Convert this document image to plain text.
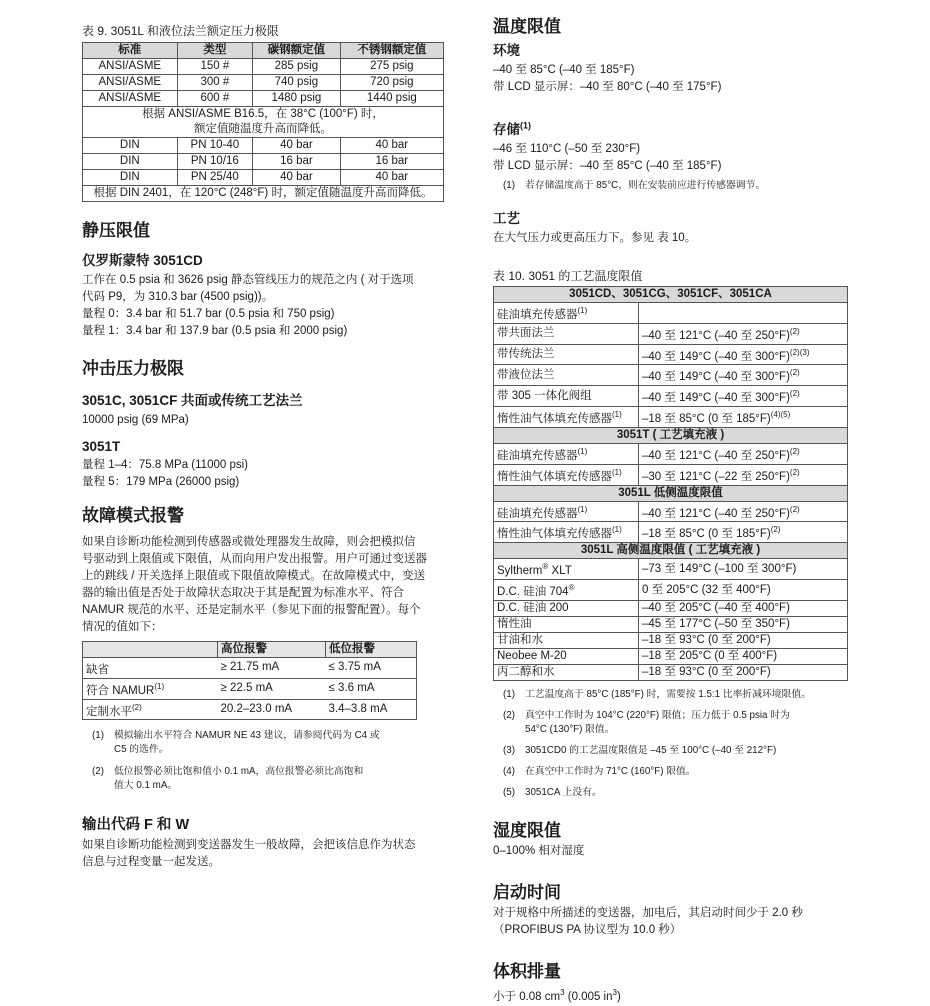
表 9. 3051L 和液位法兰额定压力极限
标准	类型	碳钢额定值	不锈钢额定值
ANSI/ASME	150 #	285 psig	275 psig
ANSI/ASME	300 #	740 psig	720 psig
ANSI/ASME	600 #	1480 psig	1440 psig

根据 ANSI/ASME B16.5，在 38°C (100°F) 时，
额定值随温度升高而降低。			

DIN	PN 10-40	40 bar	40 bar
DIN	PN 10/16	16 bar	16 bar
DIN	PN 25/40	40 bar	40 bar
根据 DIN 2401，在 120°C (248°F) 时，额定值随温度升高而降低。			
静压限值
仅罗斯蒙特 3051CD
工作在 0.5 psia 和 3626 psig 静态管线压力的规范之内 ( 对于选项
代码 P9，为 310.3 bar (4500 psig))。
量程 0：3.4 bar 和 51.7 bar (0.5 psia 和 750 psig)
量程 1：3.4 bar 和 137.9 bar (0.5 psia 和 2000 psig)
冲击压力极限
3051C, 3051CF 共面或传统工艺法兰
10000 psig (69 MPa)
3051T
量程 1–4：75.8 MPa (11000 psi)
量程 5：179 MPa (26000 psig)
故障模式报警
如果自诊断功能检测到传感器或微处理器发生故障，则会把模拟信
号驱动到上限值或下限值，从而向用户发出报警。用户可通过变送器
上的跳线 / 开关选择上限值或下限值故障模式。在故障模式中，变送
器的输出值是否处于故障状态取决于其是配置为标准水平、符合
NAMUR 规范的水平、还是定制水平（参见下面的报警配置）。每个
情况的值如下：
	高位报警	低位报警
缺省	≥ 21.75 mA	≤ 3.75 mA
符合 $NAMUR^{(1)}$	≥ 22.5 mA	≤ 3.6 mA
定制水平$^{(2)}$	20.2–23.0 mA	3.4–3.8 mA
(1)	模拟输出水平符合 NAMUR NE 43 建议，请参阅代码为 C4 或
C5 的选件。
(2)	低位报警必须比饱和值小 0.1 mA，高位报警必须比高饱和
值大 0.1 mA。
输出代码 F 和 W
如果自诊断功能检测到变送器发生一般故障，会把该信息作为状态
信息与过程变量一起发送。
温度限值
环境
–40 至 85°C (–40 至 185°F)
带 LCD 显示屏：–40 至 80°C (–40 至 175°F)
存储$^{(1)}$
–46 至 110°C (–50 至 230°F)
带 LCD 显示屏：–40 至 85°C (–40 至 185°F)
(1)	若存储温度高于 85°C，则在安装前应进行传感器调节。
工艺
在大气压力或更高压力下。参见 表 10。
表 10. 3051 的工艺温度限值
3051CD、3051CG、3051CF、3051CA	
硅油填充传感器$^{(1)}$	
带共面法兰	–40 至 121°C (–40 至 250°F)$^{(2)}$
带传统法兰	–40 至 149°C (–40 至 300°F)$^{(2)(3)}$
带液位法兰	–40 至 149°C (–40 至 300°F)$^{(2)}$
带 305 一体化阀组	–40 至 149°C (–40 至 300°F)$^{(2)}$
惰性油气体填充传感器$^{(1)}$	–18 至 85°C (0 至 185°F)$^{(4)(5)}$
3051T ( 工艺填充液 )	
硅油填充传感器$^{(1)}$	–40 至 121°C (–40 至 250°F)$^{(2)}$
惰性油气体填充传感器$^{(1)}$	–30 至 121°C (–22 至 250°F)$^{(2)}$
3051L 低侧温度限值	
硅油填充传感器$^{(1)}$	–40 至 121°C (–40 至 250°F)$^{(2)}$
惰性油气体填充传感器$^{(1)}$	–18 至 85°C (0 至 185°F)$^{(2)}$
3051L 高侧温度限值 ( 工艺填充液 )	
Syltherm® XLT	–73 至 149°C (–100 至 300°F)
D.C. 硅油 704®	0 至 205°C (32 至 400°F)
D.C. 硅油 200	–40 至 205°C (–40 至 400°F)
惰性油	–45 至 177°C (–50 至 350°F)
甘油和水	–18 至 93°C (0 至 200°F)
Neobee M-20	–18 至 205°C (0 至 400°F)
丙二醇和水	–18 至 93°C (0 至 200°F)
(1)	工艺温度高于 85°C (185°F) 时，需要按 1.5:1 比率折减环境限值。
(2)	真空中工作时为 104°C (220°F) 限值；压力低于 0.5 psia 时为
54°C (130°F) 限值。
(3)	3051CD0 的工艺温度限值是 –45 至 100°C (–40 至 212°F)
(4)	在真空中工作时为 71°C (160°F) 限值。
(5)	3051CA 上没有。
湿度限值
0–100% 相对湿度
启动时间
对于规格中所描述的变送器，加电后，其启动时间少于 2.0 秒
（PROFIBUS PA 协议型为 10.0 秒）
体积排量
小于 0.08 $cm^3$ (0.005 $in^3$)
